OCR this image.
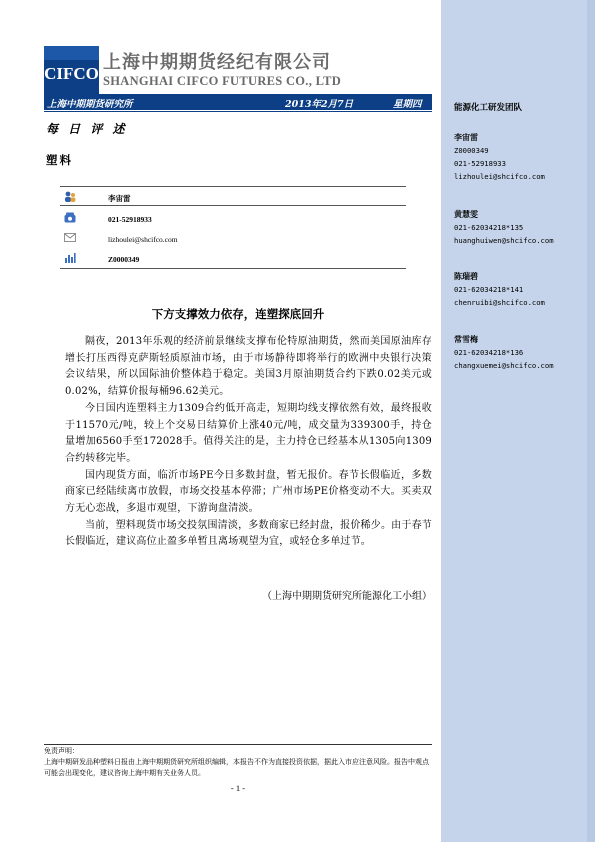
能源化工研发团队
李宙雷
Z0000349
021-52918933
lizhoulei@shcifco.com
黄慧雯
021-62034218*135
huanghuiwen@shcifco.com
陈瑞碧
021-62034218*141
chenruibi@shcifco.com
常雪梅
021-62034218*136
changxuemei@shcifco.com
CIFCO
上海中期期货经纪有限公司
SHANGHAI CIFCO FUTURES CO., LTD
上海中期期货研究所	2013年2月7日	星期四
每 日 评 述
塑料
李宙雷
021-52918933
lizhoulei@shcifco.com
Z0000349
下方支撑效力依存，连塑探底回升

隔夜，2013年乐观的经济前景继续支撑布伦特原油期货，然而美国原油库存增长打压西得克萨斯轻质原油市场，由于市场静待即将举行的欧洲中央银行决策会议结果，所以国际油价整体趋于稳定。美国3月原油期货合约下跌0.02美元或0.02%，结算价报每桶96.62美元。

今日国内连塑料主力1309合约低开高走，短期均线支撑依然有效，最终报收于11570元/吨，较上个交易日结算价上涨40元/吨，成交量为339300手，持仓量增加6560手至172028手。值得关注的是，主力持仓已经基本从1305向1309合约转移完毕。

国内现货方面，临沂市场PE今日多数封盘，暂无报价。春节长假临近，多数商家已经陆续离市放假，市场交投基本停滞；广州市场PE价格变动不大。买卖双方无心恋战，多退市观望，下游询盘清淡。

当前，塑料现货市场交投氛围清淡，多数商家已经封盘，报价稀少。由于春节长假临近，建议高位止盈多单暂且离场观望为宜，或轻仓多单过节。

（上海中期期货研究所能源化工小组）
免责声明：
上海中期研发品种塑料日报由上海中期期货研究所组织编辑，本报告不作为直接投资依据，据此入市应注意风险。报告中观点可能会出现变化，建议咨询上海中期有关业务人员。
- 1 -
